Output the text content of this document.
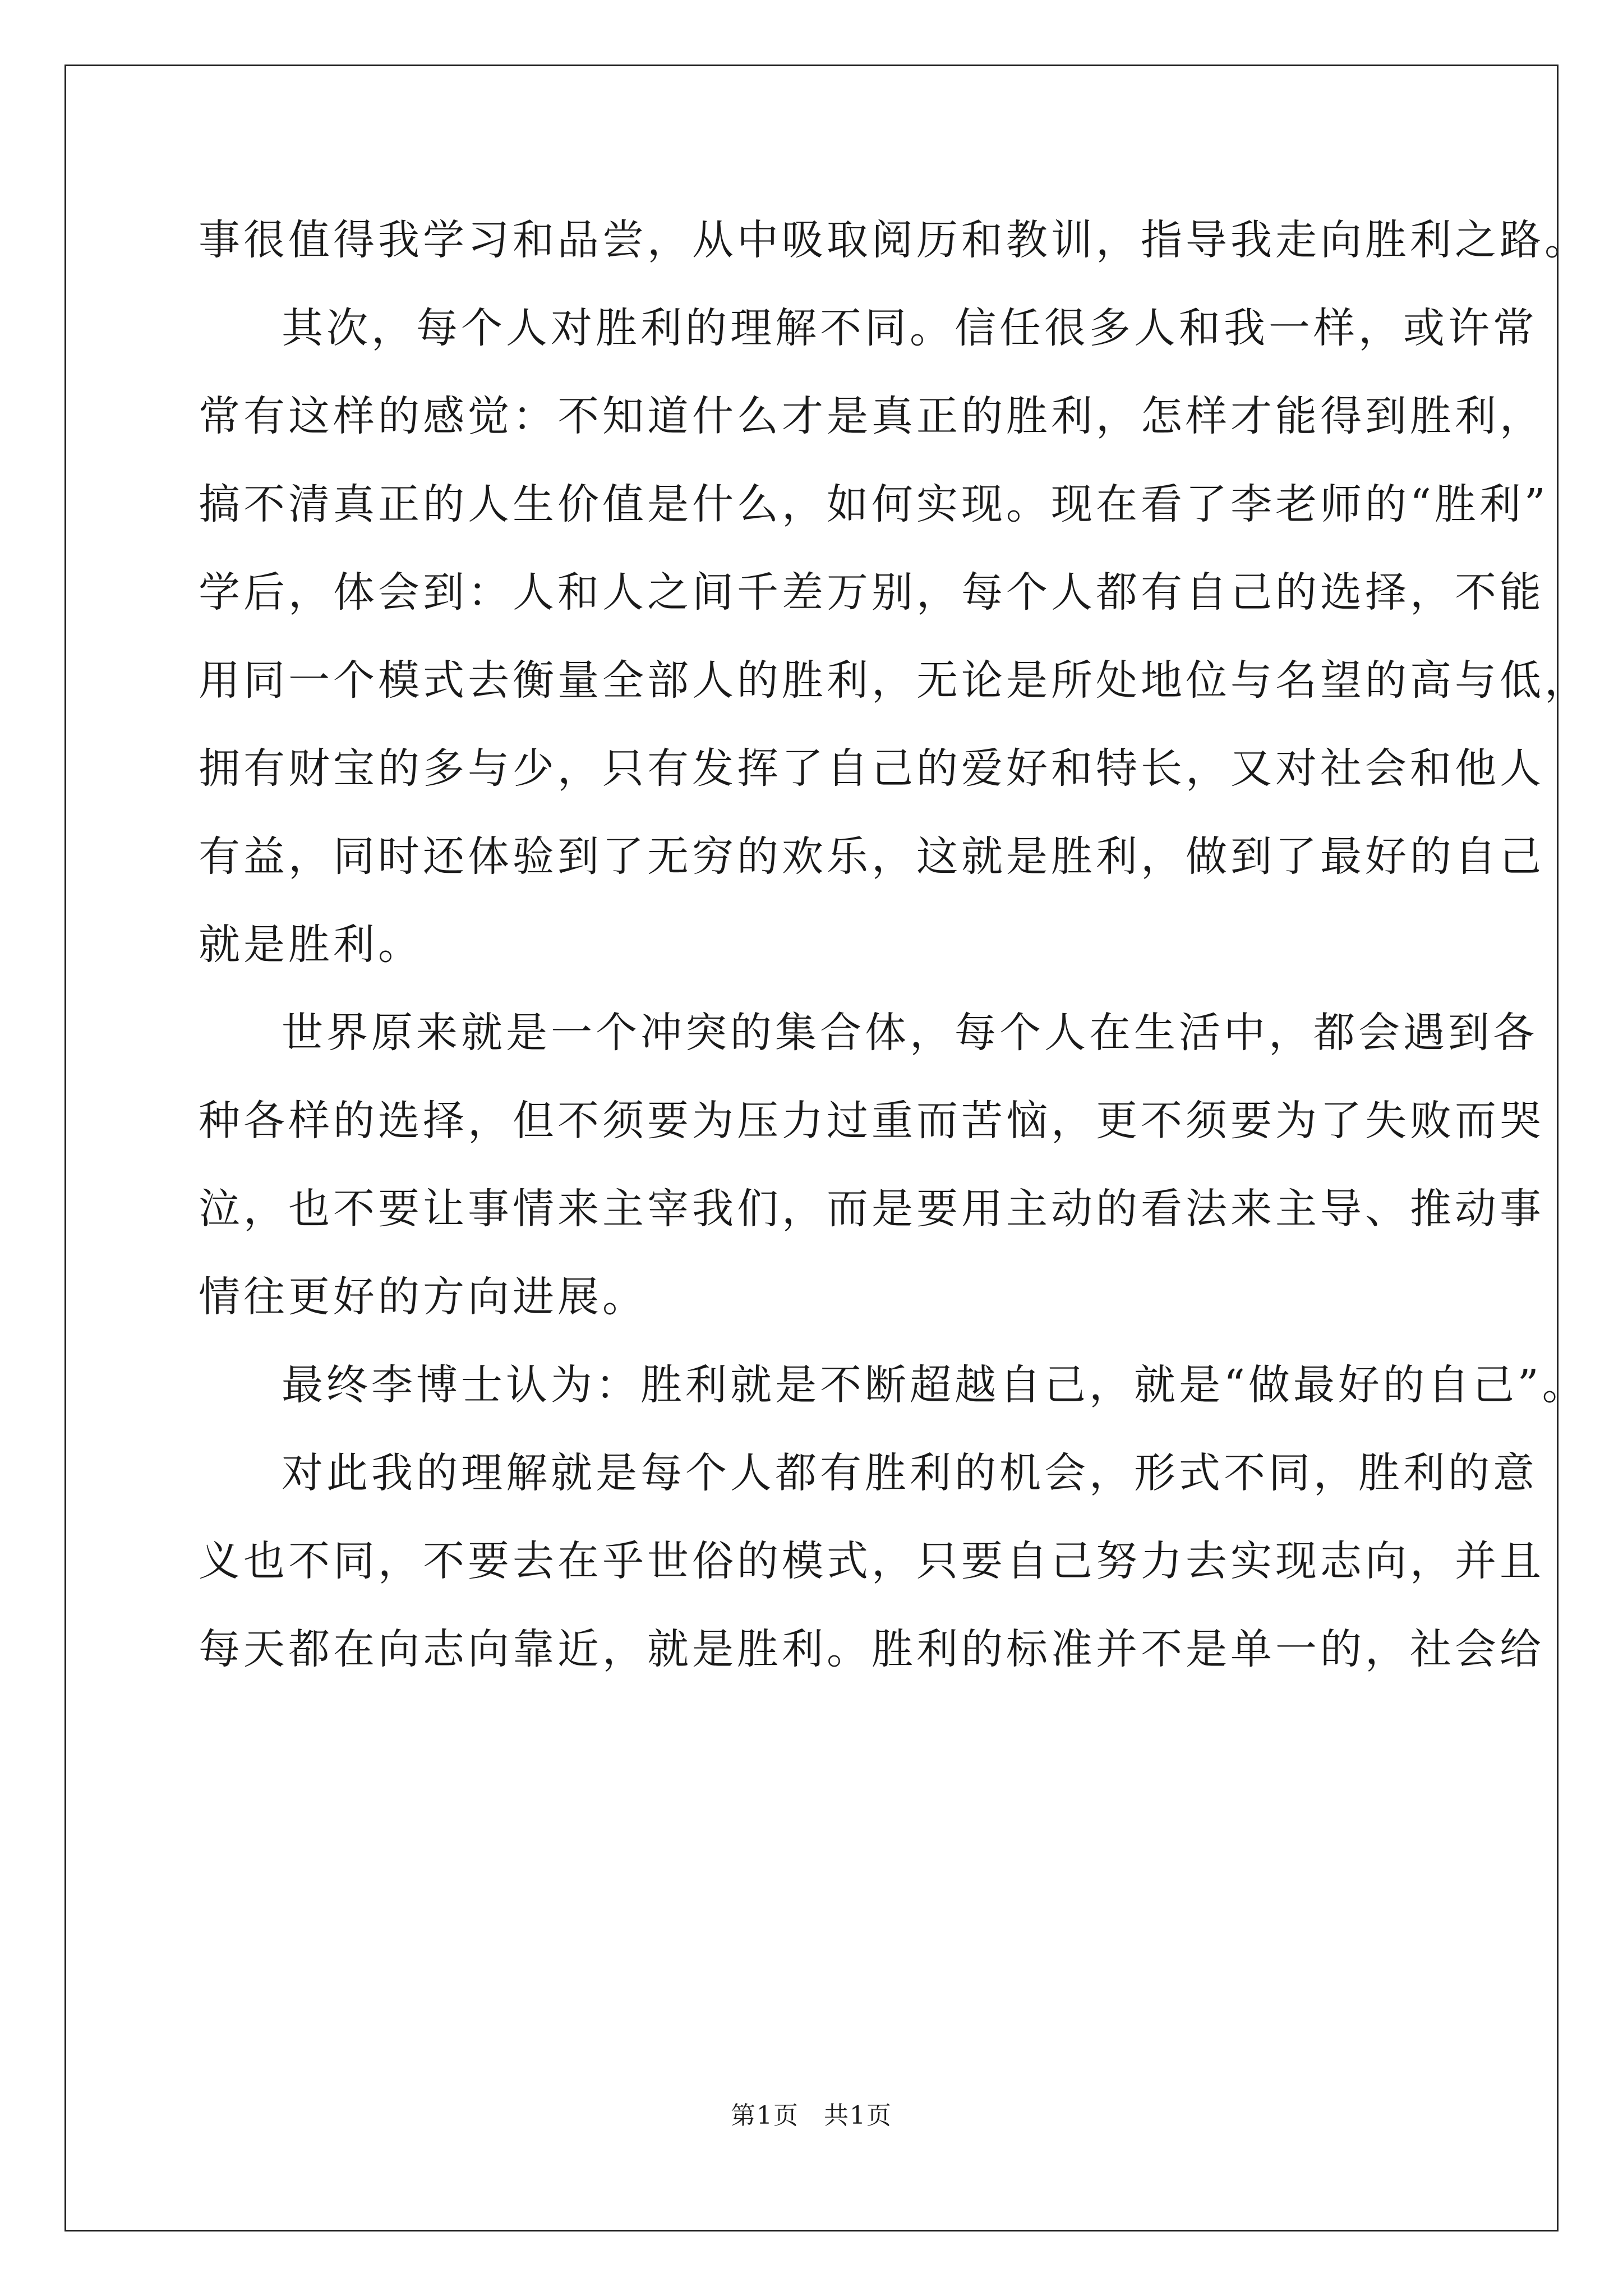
事很值得我学习和品尝，从中吸取阅历和教训，指导我走向胜利之路。
其次，每个人对胜利的理解不同。信任很多人和我一样，或许常
常有这样的感觉：不知道什么才是真正的胜利，怎样才能得到胜利，
搞不清真正的人生价值是什么，如何实现。现在看了李老师的“胜利”
学后，体会到：人和人之间千差万别，每个人都有自己的选择，不能
用同一个模式去衡量全部人的胜利，无论是所处地位与名望的高与低，
拥有财宝的多与少，只有发挥了自己的爱好和特长，又对社会和他人
有益，同时还体验到了无穷的欢乐，这就是胜利，做到了最好的自己
就是胜利。
世界原来就是一个冲突的集合体，每个人在生活中，都会遇到各
种各样的选择，但不须要为压力过重而苦恼，更不须要为了失败而哭
泣，也不要让事情来主宰我们，而是要用主动的看法来主导、推动事
情往更好的方向进展。
最终李博士认为：胜利就是不断超越自己，就是“做最好的自己”。
对此我的理解就是每个人都有胜利的机会，形式不同，胜利的意
义也不同，不要去在乎世俗的模式，只要自己努力去实现志向，并且
每天都在向志向靠近，就是胜利。胜利的标准并不是单一的，社会给
第1页 共1页
